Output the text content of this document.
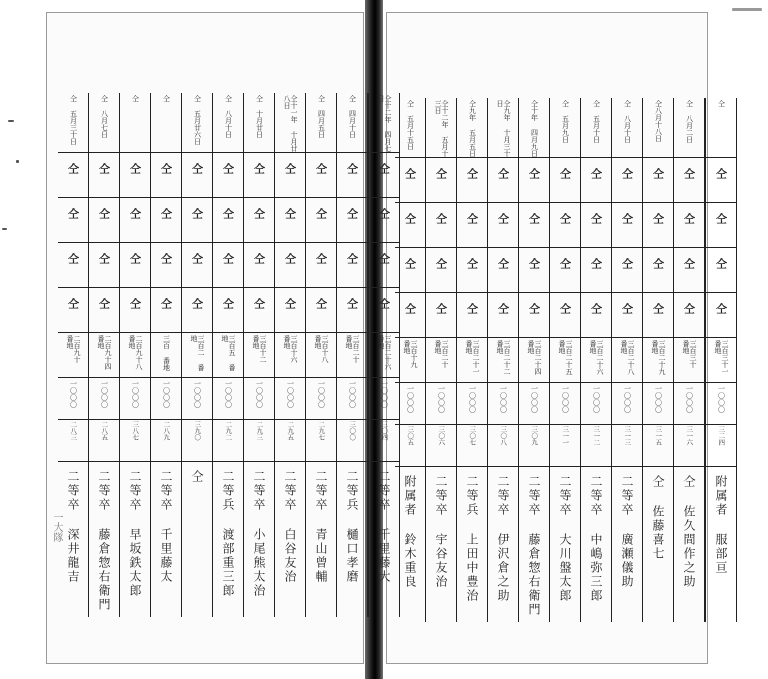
仝十二年 四月七日
仝
仝
仝
仝
三百二十六 番地
一〇〇〇
三〇四
二等卒 千里藤大
仝 四月十日
仝
仝
仝
仝
三百二十 番地
一〇〇〇
三〇〇
二等兵 樋口孝磨
仝 四月五日
仝
仝
仝
仝
三百十八 番地
一〇〇〇
二九七
二等卒 青山曾輔
仝十一年 十月廿八日
仝
仝
仝
仝
三百十六 番地
一〇〇〇
二九五
二等卒 白谷友治
仝 十月廿日
仝
仝
仝
仝
三百十二 番地
一〇〇〇
二九三
二等卒 小尾熊太治
仝 八月十日
仝
仝
仝
仝
三百五 番地
一〇〇〇
二九二
二等兵 渡部重三郎
仝 五月廿六日
仝
仝
仝
仝
三百二 番地
一〇〇〇
三九〇
仝
仝
仝
仝
仝
仝
三百 番地
一〇〇〇
二八九
二等卒 千里藤太
仝
仝
仝
仝
仝
二百九十八 番地
一〇〇〇
三八七
二等卒 早坂鉄太郎
仝 八月七日
仝
仝
仝
仝
二百九十四 番地
一〇〇〇
二八五
二等卒 藤倉惣右衛門
仝 五月三十日
仝
仝
仝
仝
二百九十 番地
一〇〇〇
二八三
二等卒 深井龍吉
仝
仝
仝
仝
仝
三百三十一 番地
一〇〇〇
三二四
附属者 服部亘
仝 八月二日
仝
仝
仝
仝
三百三十 番地
一〇〇〇
三一六
仝 佐久間作之助
仝八月十八日
仝
仝
仝
仝
三百二十九 番地
一〇〇〇
三一五
仝 佐藤喜七
仝 八月十日
仝
仝
仝
仝
三百二十八 番地
一〇〇〇
三一三
二等卒 廣瀬儀助
仝 五月十日
仝
仝
仝
仝
三百二十六 番地
一〇〇〇
三一二
二等卒 中嶋弥三郎
仝 五月九日
仝
仝
仝
仝
三百二十五 番地
一〇〇〇
三一一
二等卒 大川盤太郎
仝十年 四月九日
仝
仝
仝
仝
三百二十四 番地
一〇〇〇
三〇九
二等卒 藤倉惣右衛門
仝九年 十月三十日
仝
仝
仝
仝
三百二十二 番地
一〇〇〇
三〇八
二等卒 伊沢倉之助
仝九年 五月五日
仝
仝
仝
仝
三百二十一 番地
一〇〇〇
三〇七
二等兵 上田中豊治
仝十二年 五月十三日
仝
仝
仝
仝
三百二十 番地
一〇〇〇
三〇六
二等卒 宇谷友治
仝 五月十五日
仝
仝
仝
仝
三百十九 番地
一〇〇〇
三〇五
附属者 鈴木重良
一大隊
